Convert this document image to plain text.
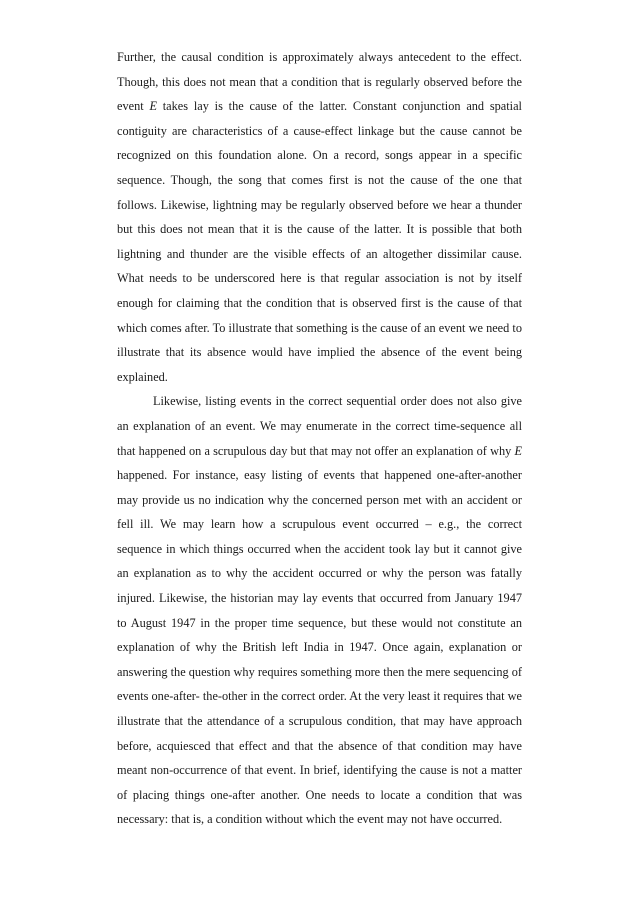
Further, the causal condition is approximately always antecedent to the effect. Though, this does not mean that a condition that is regularly observed before the event E takes lay is the cause of the latter. Constant conjunction and spatial contiguity are characteristics of a cause-effect linkage but the cause cannot be recognized on this foundation alone. On a record, songs appear in a specific sequence. Though, the song that comes first is not the cause of the one that follows. Likewise, lightning may be regularly observed before we hear a thunder but this does not mean that it is the cause of the latter. It is possible that both lightning and thunder are the visible effects of an altogether dissimilar cause. What needs to be underscored here is that regular association is not by itself enough for claiming that the condition that is observed first is the cause of that which comes after. To illustrate that something is the cause of an event we need to illustrate that its absence would have implied the absence of the event being explained.

Likewise, listing events in the correct sequential order does not also give an explanation of an event. We may enumerate in the correct time-sequence all that happened on a scrupulous day but that may not offer an explanation of why E happened. For instance, easy listing of events that happened one-after-another may provide us no indication why the concerned person met with an accident or fell ill. We may learn how a scrupulous event occurred – e.g., the correct sequence in which things occurred when the accident took lay but it cannot give an explanation as to why the accident occurred or why the person was fatally injured. Likewise, the historian may lay events that occurred from January 1947 to August 1947 in the proper time sequence, but these would not constitute an explanation of why the British left India in 1947. Once again, explanation or answering the question why requires something more then the mere sequencing of events one-after- the-other in the correct order. At the very least it requires that we illustrate that the attendance of a scrupulous condition, that may have approach before, acquiesced that effect and that the absence of that condition may have meant non-occurrence of that event. In brief, identifying the cause is not a matter of placing things one-after another. One needs to locate a condition that was necessary: that is, a condition without which the event may not have occurred.
